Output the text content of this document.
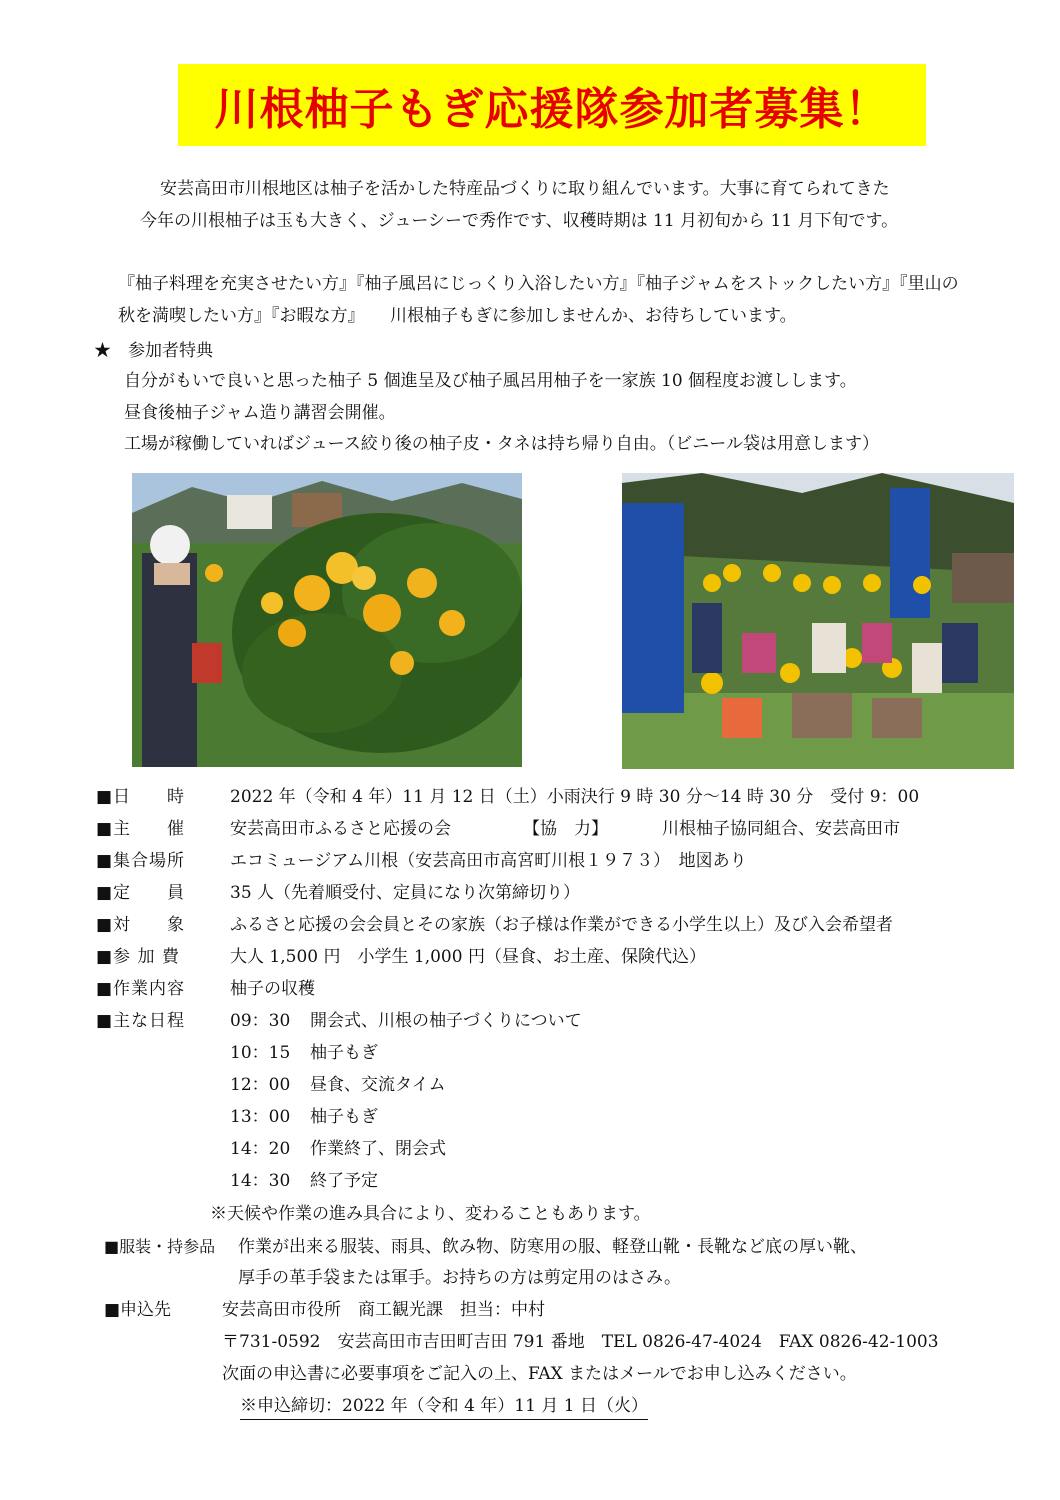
川根柚子もぎ応援隊参加者募集！
安芸高田市川根地区は柚子を活かした特産品づくりに取り組んでいます。大事に育てられてきた
今年の川根柚子は玉も大きく、ジューシーで秀作です、収穫時期は 11 月初旬から 11 月下旬です。
『柚子料理を充実させたい方』『柚子風呂にじっくり入浴したい方』『柚子ジャムをストックしたい方』『里山の
秋を満喫したい方』『お暇な方』　　川根柚子もぎに参加しませんか、お待ちしています。
★　参加者特典
自分がもいで良いと思った柚子 5 個進呈及び柚子風呂用柚子を一家族 10 個程度お渡しします。
昼食後柚子ジャム造り講習会開催。
工場が稼働していればジュース絞り後の柚子皮・タネは持ち帰り自由。（ビニール袋は用意します）
■日　　時	2022 年（令和 4 年）11 月 12 日（土）小雨決行 9 時 30 分～14 時 30 分　受付 9：00
■主　　催	安芸高田市ふるさと応援の会	【協　力】	川根柚子協同組合、安芸高田市
■集合場所	エコミュージアム川根（安芸高田市高宮町川根１９７３）　地図あり
■定　　員	35 人（先着順受付、定員になり次第締切り）
■対　　象	ふるさと応援の会会員とその家族（お子様は作業ができる小学生以上）及び入会希望者
■参 加 費	大人 1,500 円　小学生 1,000 円（昼食、お土産、保険代込）
■作業内容	柚子の収穫
■主な日程	09：30 開会式、川根の柚子づくりについて
10：15 柚子もぎ
12：00 昼食、交流タイム
13：00 柚子もぎ
14：20 作業終了、閉会式
14：30 終了予定
※天候や作業の進み具合により、変わることもあります。
■服装・持参品 作業が出来る服装、雨具、飲み物、防寒用の服、軽登山靴・長靴など底の厚い靴、
厚手の革手袋または軍手。お持ちの方は剪定用のはさみ。
■申込先	安芸高田市役所　商工観光課　担当：中村
〒731-0592　安芸高田市吉田町吉田 791 番地　TEL 0826-47-4024　FAX 0826-42-1003
次面の申込書に必要事項をご記入の上、FAX またはメールでお申し込みください。
※申込締切：2022 年（令和 4 年）11 月 1 日（火）
